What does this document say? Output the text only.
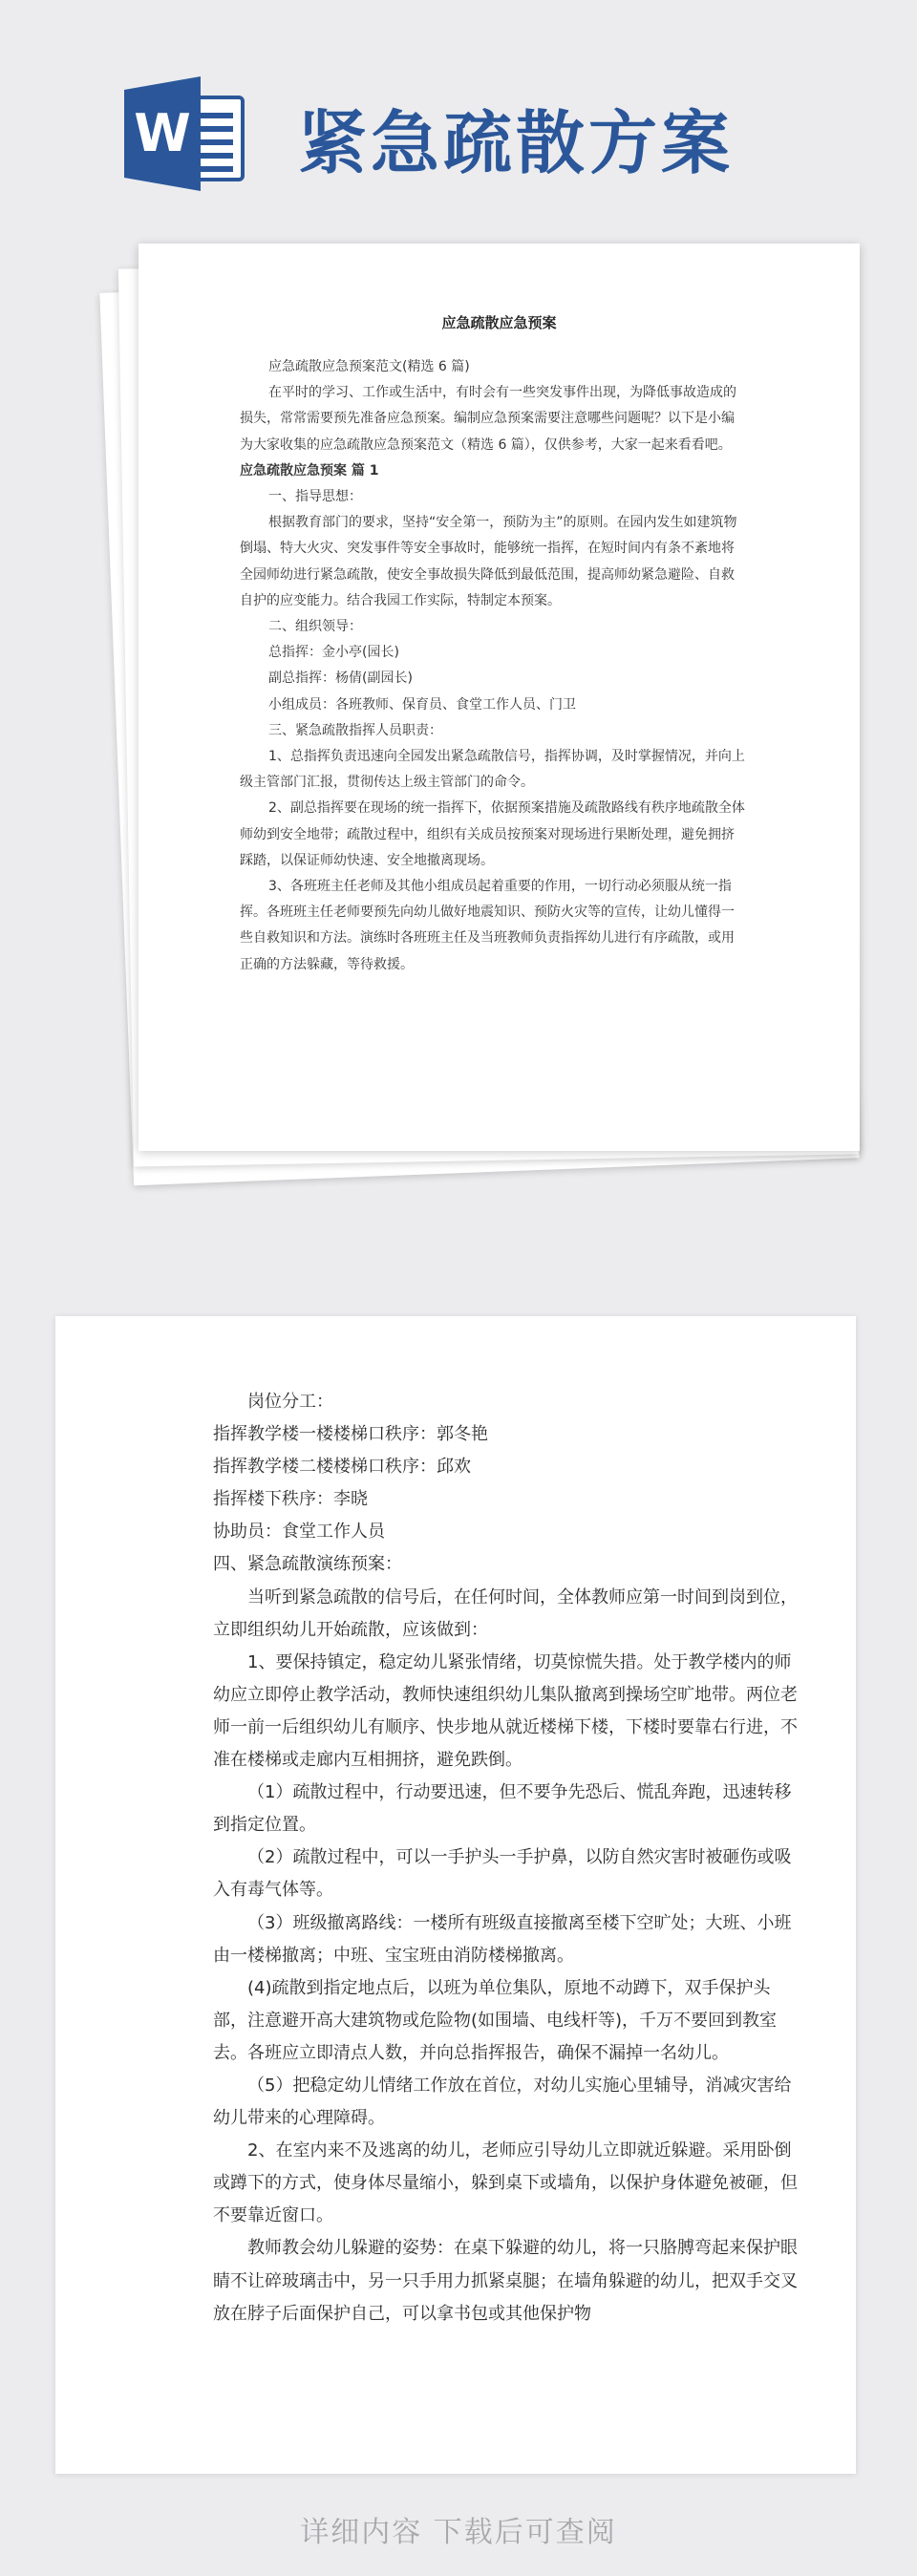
W 紧急疏散方案
应急疏散应急预案

应急疏散应急预案范文(精选 6 篇)

在平时的学习、工作或生活中，有时会有一些突发事件出现，为降低事故造成的损失，常常需要预先准备应急预案。编制应急预案需要注意哪些问题呢？以下是小编为大家收集的应急疏散应急预案范文（精选 6 篇），仅供参考，大家一起来看看吧。

应急疏散应急预案 篇 1

一、指导思想：

根据教育部门的要求，坚持“安全第一，预防为主”的原则。在园内发生如建筑物倒塌、特大火灾、突发事件等安全事故时，能够统一指挥，在短时间内有条不紊地将全园师幼进行紧急疏散，使安全事故损失降低到最低范围，提高师幼紧急避险、自救自护的应变能力。结合我园工作实际，特制定本预案。

二、组织领导：

总指挥：金小亭(园长)

副总指挥：杨倩(副园长)

小组成员：各班教师、保育员、食堂工作人员、门卫

三、紧急疏散指挥人员职责：

1、总指挥负责迅速向全园发出紧急疏散信号，指挥协调，及时掌握情况，并向上级主管部门汇报，贯彻传达上级主管部门的命令。

2、副总指挥要在现场的统一指挥下，依据预案措施及疏散路线有秩序地疏散全体师幼到安全地带；疏散过程中，组织有关成员按预案对现场进行果断处理，避免拥挤踩踏，以保证师幼快速、安全地撤离现场。

3、各班班主任老师及其他小组成员起着重要的作用，一切行动必须服从统一指挥。各班班主任老师要预先向幼儿做好地震知识、预防火灾等的宣传，让幼儿懂得一些自救知识和方法。演练时各班班主任及当班教师负责指挥幼儿进行有序疏散，或用正确的方法躲藏，等待救援。

岗位分工：

指挥教学楼一楼楼梯口秩序：郭冬艳

指挥教学楼二楼楼梯口秩序：邱欢

指挥楼下秩序：李晓

协助员：食堂工作人员

四、紧急疏散演练预案：

当听到紧急疏散的信号后，在任何时间，全体教师应第一时间到岗到位，立即组织幼儿开始疏散，应该做到：

1、要保持镇定，稳定幼儿紧张情绪，切莫惊慌失措。处于教学楼内的师幼应立即停止教学活动，教师快速组织幼儿集队撤离到操场空旷地带。两位老师一前一后组织幼儿有顺序、快步地从就近楼梯下楼，下楼时要靠右行进，不准在楼梯或走廊内互相拥挤，避免跌倒。

（1）疏散过程中，行动要迅速，但不要争先恐后、慌乱奔跑，迅速转移到指定位置。

（2）疏散过程中，可以一手护头一手护鼻，以防自然灾害时被砸伤或吸入有毒气体等。

（3）班级撤离路线：一楼所有班级直接撤离至楼下空旷处；大班、小班由一楼梯撤离；中班、宝宝班由消防楼梯撤离。

(4)疏散到指定地点后，以班为单位集队，原地不动蹲下，双手保护头部，注意避开高大建筑物或危险物(如围墙、电线杆等)，千万不要回到教室去。各班应立即清点人数，并向总指挥报告，确保不漏掉一名幼儿。

（5）把稳定幼儿情绪工作放在首位，对幼儿实施心里辅导，消减灾害给幼儿带来的心理障碍。

2、在室内来不及逃离的幼儿，老师应引导幼儿立即就近躲避。采用卧倒或蹲下的方式，使身体尽量缩小，躲到桌下或墙角，以保护身体避免被砸，但不要靠近窗口。

教师教会幼儿躲避的姿势：在桌下躲避的幼儿，将一只胳膊弯起来保护眼睛不让碎玻璃击中，另一只手用力抓紧桌腿；在墙角躲避的幼儿，把双手交叉放在脖子后面保护自己，可以拿书包或其他保护物

详细内容 下载后可查阅
